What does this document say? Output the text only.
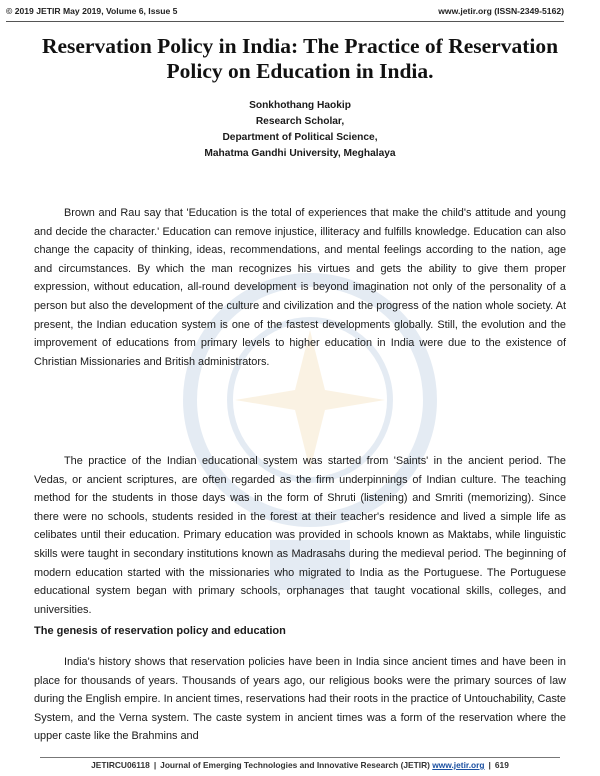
© 2019 JETIR May 2019, Volume 6, Issue 5	www.jetir.org (ISSN-2349-5162)
Reservation Policy in India: The Practice of Reservation Policy on Education in India.
Sonkhothang Haokip
Research Scholar,
Department of Political Science,
Mahatma Gandhi University, Meghalaya

Brown and Rau say that 'Education is the total of experiences that make the child's attitude and young and decide the character.' Education can remove injustice, illiteracy and fulfills knowledge. Education can also change the capacity of thinking, ideas, recommendations, and mental feelings according to the nation, age and circumstances. By which the man recognizes his virtues and gets the ability to give them proper expression, without education, all-round development is beyond imagination not only of the personality of a person but also the development of the culture and civilization and the progress of the nation whole society. At present, the Indian education system is one of the fastest developments globally. Still, the evolution and the improvement of educations from primary levels to higher education in India were due to the existence of Christian Missionaries and British administrators.

The practice of the Indian educational system was started from 'Saints' in the ancient period. The Vedas, or ancient scriptures, are often regarded as the firm underpinnings of Indian culture. The teaching method for the students in those days was in the form of Shruti (listening) and Smriti (memorizing). Since there were no schools, students resided in the forest at their teacher's residence and lived a simple life as celibates until their education. Primary education was provided in schools known as Maktabs, while linguistic skills were taught in secondary institutions known as Madrasahs during the medieval period. The beginning of modern education started with the missionaries who migrated to India as the Portuguese. The Portuguese educational system began with primary schools, orphanages that taught vocational skills, colleges, and universities.

The genesis of reservation policy and education

India's history shows that reservation policies have been in India since ancient times and have been in place for thousands of years. Thousands of years ago, our religious books were the primary sources of law during the English empire. In ancient times, reservations had their roots in the practice of Untouchability, Caste System, and the Verna system. The caste system in ancient times was a form of the reservation where the upper caste like the Brahmins and

JETIRCU06118 | Journal of Emerging Technologies and Innovative Research (JETIR) www.jetir.org | 619
